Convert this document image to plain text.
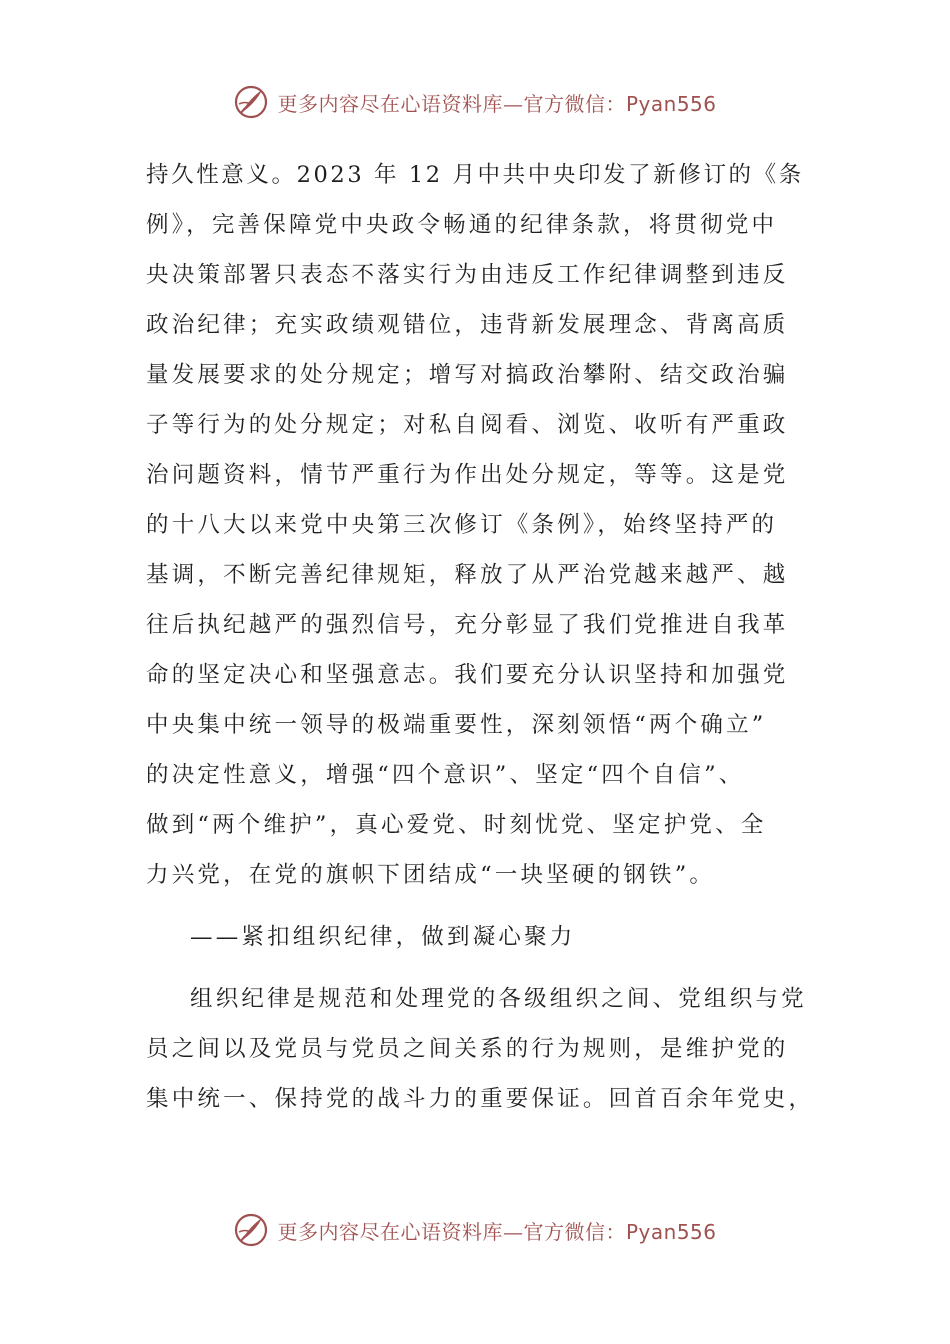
更多内容尽在心语资料库—官方微信：Pyan556
持久性意义。2023 年 12 月中共中央印发了新修订的《条
例》，完善保障党中央政令畅通的纪律条款，将贯彻党中
央决策部署只表态不落实行为由违反工作纪律调整到违反
政治纪律；充实政绩观错位，违背新发展理念、背离高质
量发展要求的处分规定；增写对搞政治攀附、结交政治骗
子等行为的处分规定；对私自阅看、浏览、收听有严重政
治问题资料，情节严重行为作出处分规定，等等。这是党
的十八大以来党中央第三次修订《条例》，始终坚持严的
基调，不断完善纪律规矩，释放了从严治党越来越严、越
往后执纪越严的强烈信号，充分彰显了我们党推进自我革
命的坚定决心和坚强意志。我们要充分认识坚持和加强党
中央集中统一领导的极端重要性，深刻领悟“两个确立”
的决定性意义，增强“四个意识”、坚定“四个自信”、
做到“两个维护”，真心爱党、时刻忧党、坚定护党、全
力兴党，在党的旗帜下团结成“一块坚硬的钢铁”。
——紧扣组织纪律，做到凝心聚力
组织纪律是规范和处理党的各级组织之间、党组织与党
员之间以及党员与党员之间关系的行为规则，是维护党的
集中统一、保持党的战斗力的重要保证。回首百余年党史，
更多内容尽在心语资料库—官方微信：Pyan556
